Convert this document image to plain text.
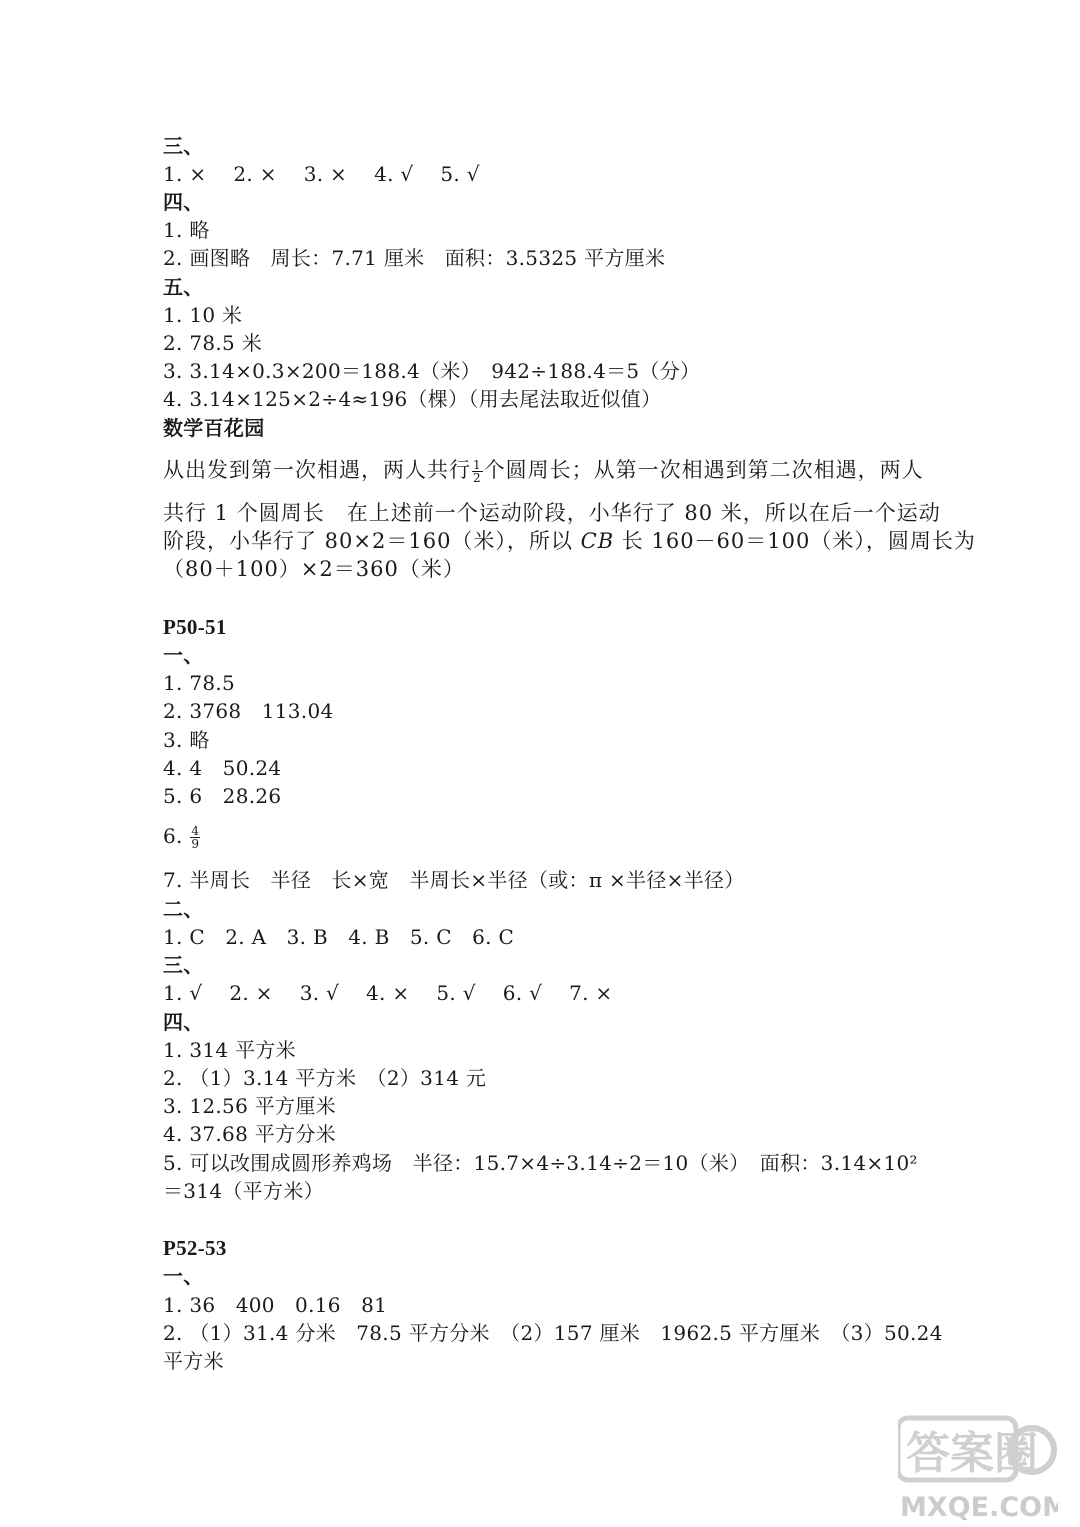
三、
1. ×　 2. ×　 3. ×　 4. √　 5. √
四、
1. 略
2. 画图略　周长：7.71 厘米　面积：3.5325 平方厘米
五、
1. 10 米
2. 78.5 米
3. 3.14×0.3×200＝188.4（米）　942÷188.4＝5（分）
4. 3.14×125×2÷4≈196（棵）（用去尾法取近似值）
数学百花园
从出发到第一次相遇，两人共行 $\frac{1}{2}$ 个圆周长；从第一次相遇到第二次相遇，两人
共行 1 个圆周长　在上述前一个运动阶段，小华行了 80 米，所以在后一个运动
阶段，小华行了 80×2＝160（米），所以 CB 长 160－60＝100（米），圆周长为
（80＋100）×2＝360（米）
P50-51
一、
1. 78.5
2. 3768　113.04
3. 略
4. 4　50.24
5. 6　28.26
6. $\frac{4}{9}$
7. 半周长　半径　长×宽　半周长×半径（或：π ×半径×半径）
二、
1. C　2. A　3. B　4. B　5. C　6. C
三、
1. √　 2. ×　 3. √　 4. ×　 5. √　 6. √　 7. ×
四、
1. 314 平方米
2. （1）3.14 平方米　（2）314 元
3. 12.56 平方厘米
4. 37.68 平方分米
5. 可以改围成圆形养鸡场　半径：15.7×4÷3.14÷2＝10（米）　面积：3.14×10²
＝314（平方米）
P52-53
一、
1. 36　400　0.16　81
2. （1）31.4 分米　78.5 平方分米　（2）157 厘米　1962.5 平方厘米　（3）50.24
平方米
答案圈
MXQE.COM
